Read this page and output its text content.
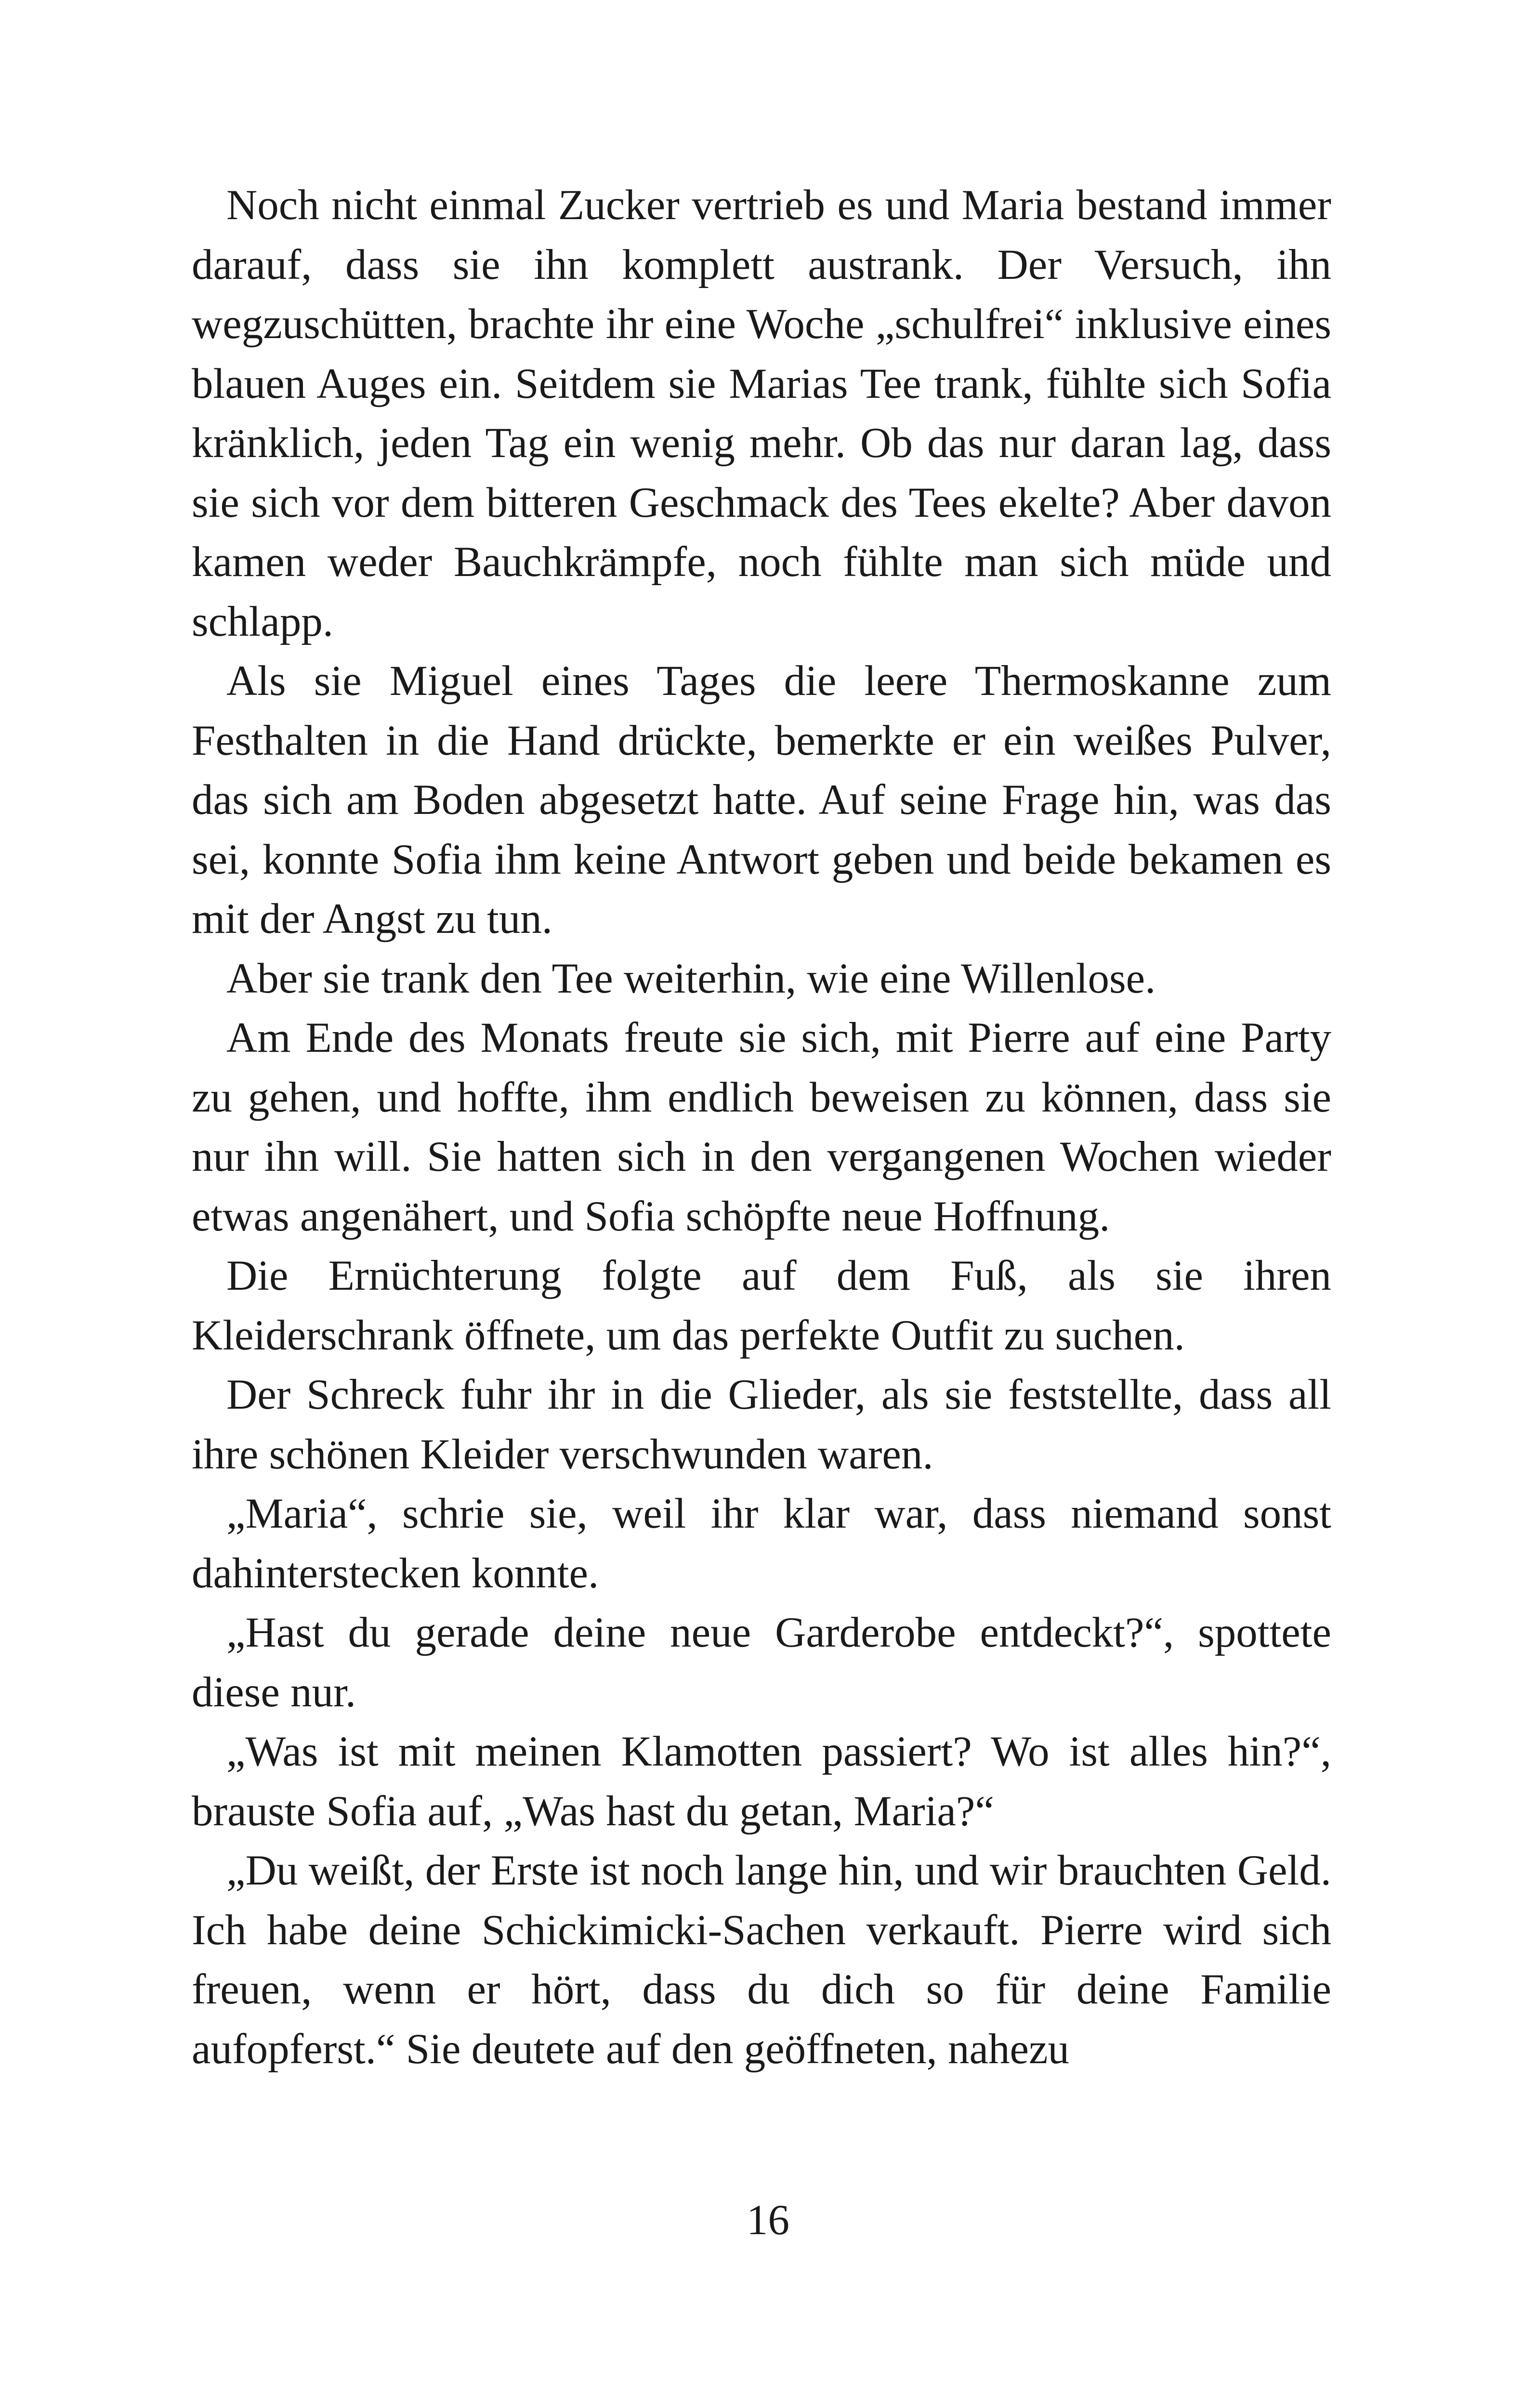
Noch nicht einmal Zucker vertrieb es und Maria bestand immer darauf, dass sie ihn komplett austrank. Der Versuch, ihn wegzuschütten, brachte ihr eine Woche „schulfrei“ inklusive eines blauen Auges ein. Seitdem sie Marias Tee trank, fühlte sich Sofia kränklich, jeden Tag ein wenig mehr. Ob das nur daran lag, dass sie sich vor dem bitteren Geschmack des Tees ekelte? Aber davon kamen weder Bauchkrämpfe, noch fühlte man sich müde und schlapp.

Als sie Miguel eines Tages die leere Thermoskanne zum Festhalten in die Hand drückte, bemerkte er ein weißes Pulver, das sich am Boden abgesetzt hatte. Auf seine Frage hin, was das sei, konnte Sofia ihm keine Antwort geben und beide bekamen es mit der Angst zu tun.

Aber sie trank den Tee weiterhin, wie eine Willenlose.

Am Ende des Monats freute sie sich, mit Pierre auf eine Party zu gehen, und hoffte, ihm endlich beweisen zu können, dass sie nur ihn will. Sie hatten sich in den vergangenen Wochen wieder etwas angenähert, und Sofia schöpfte neue Hoffnung.

Die Ernüchterung folgte auf dem Fuß, als sie ihren Kleiderschrank öffnete, um das perfekte Outfit zu suchen.

Der Schreck fuhr ihr in die Glieder, als sie feststellte, dass all ihre schönen Kleider verschwunden waren.

„Maria“, schrie sie, weil ihr klar war, dass niemand sonst dahinterstecken konnte.

„Hast du gerade deine neue Garderobe entdeckt?“, spottete diese nur.

„Was ist mit meinen Klamotten passiert? Wo ist alles hin?“, brauste Sofia auf, „Was hast du getan, Maria?“

„Du weißt, der Erste ist noch lange hin, und wir brauchten Geld. Ich habe deine Schickimicki-Sachen verkauft. Pierre wird sich freuen, wenn er hört, dass du dich so für deine Familie aufopferst.“ Sie deutete auf den geöffneten, nahezu

16
